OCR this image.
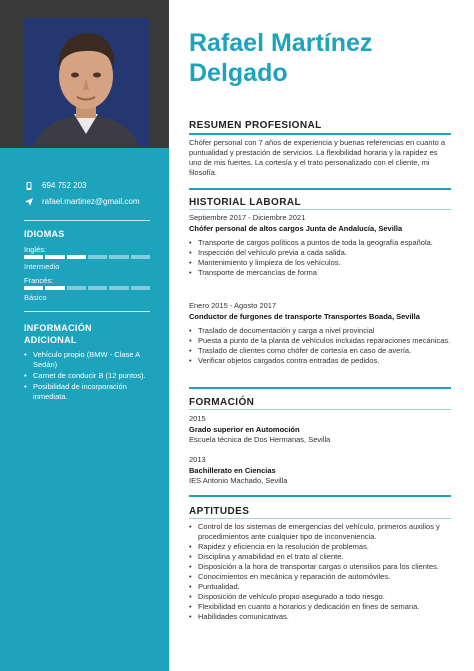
694 752 203
rafael.martinez@gmail.com
IDIOMAS
Inglés:	B1
Intermedio
Francés:	A2
Básico
INFORMACIÓN ADICIONAL
• Vehículo propio (BMW - Clase A Sedán)
• Carnet de conducir B (12 puntos).
• Posibilidad de incorporación inmediata.
Rafael Martínez
Delgado
RESUMEN PROFESIONAL
Chófer personal con 7 años de experiencia y buenas referencias en cuanto a puntualidad y prestación de servicios. La flexibilidad horaria y la rapidez es uno de mis fuertes. La cortesía y el trato personalizado con el cliente, mi filosofía.
HISTORIAL LABORAL
Septiembre 2017 - Diciembre 2021
Chófer personal de altos cargos Junta de Andalucía, Sevilla
• Transporte de cargos políticos a puntos de toda la geografía española.
• Inspección del vehículo previa a cada salida.
• Mantenimiento y limpieza de los vehículos.
• Transporte de mercancías de forma
Enero 2015 - Agosto 2017
Conductor de furgones de transporte Transportes Boada, Sevilla
• Traslado de documentación y carga a nivel provincial
• Puesta a punto de la planta de vehículos incluidas reparaciones mecánicas.
• Traslado de clientes como chófer de cortesía en caso de avería.
• Verificar objetos cargados contra entradas de pedidos.
FORMACIÓN
2015
Grado superior en Automoción
Escuela técnica de Dos Hermanas, Sevilla
2013
Bachillerato en Ciencias
IES Antonio Machado, Sevilla
APTITUDES
• Control de los sistemas de emergencias del vehículo, primeros auxilios y procedimientos ante cualquier tipo de inconveniencia.
• Rapidez y eficiencia en la resolución de problemas.
• Disciplina y amabilidad en el trato al cliente.
• Disposición a la hora de transportar cargas o utensilios para los clientes.
• Conocimientos en mecánica y reparación de automóviles.
• Puntualidad.
• Disposición de vehículo propio asegurado a todo riesgo.
• Flexibilidad en cuanto a horarios y dedicación en fines de semana.
• Habilidades comunicativas.
